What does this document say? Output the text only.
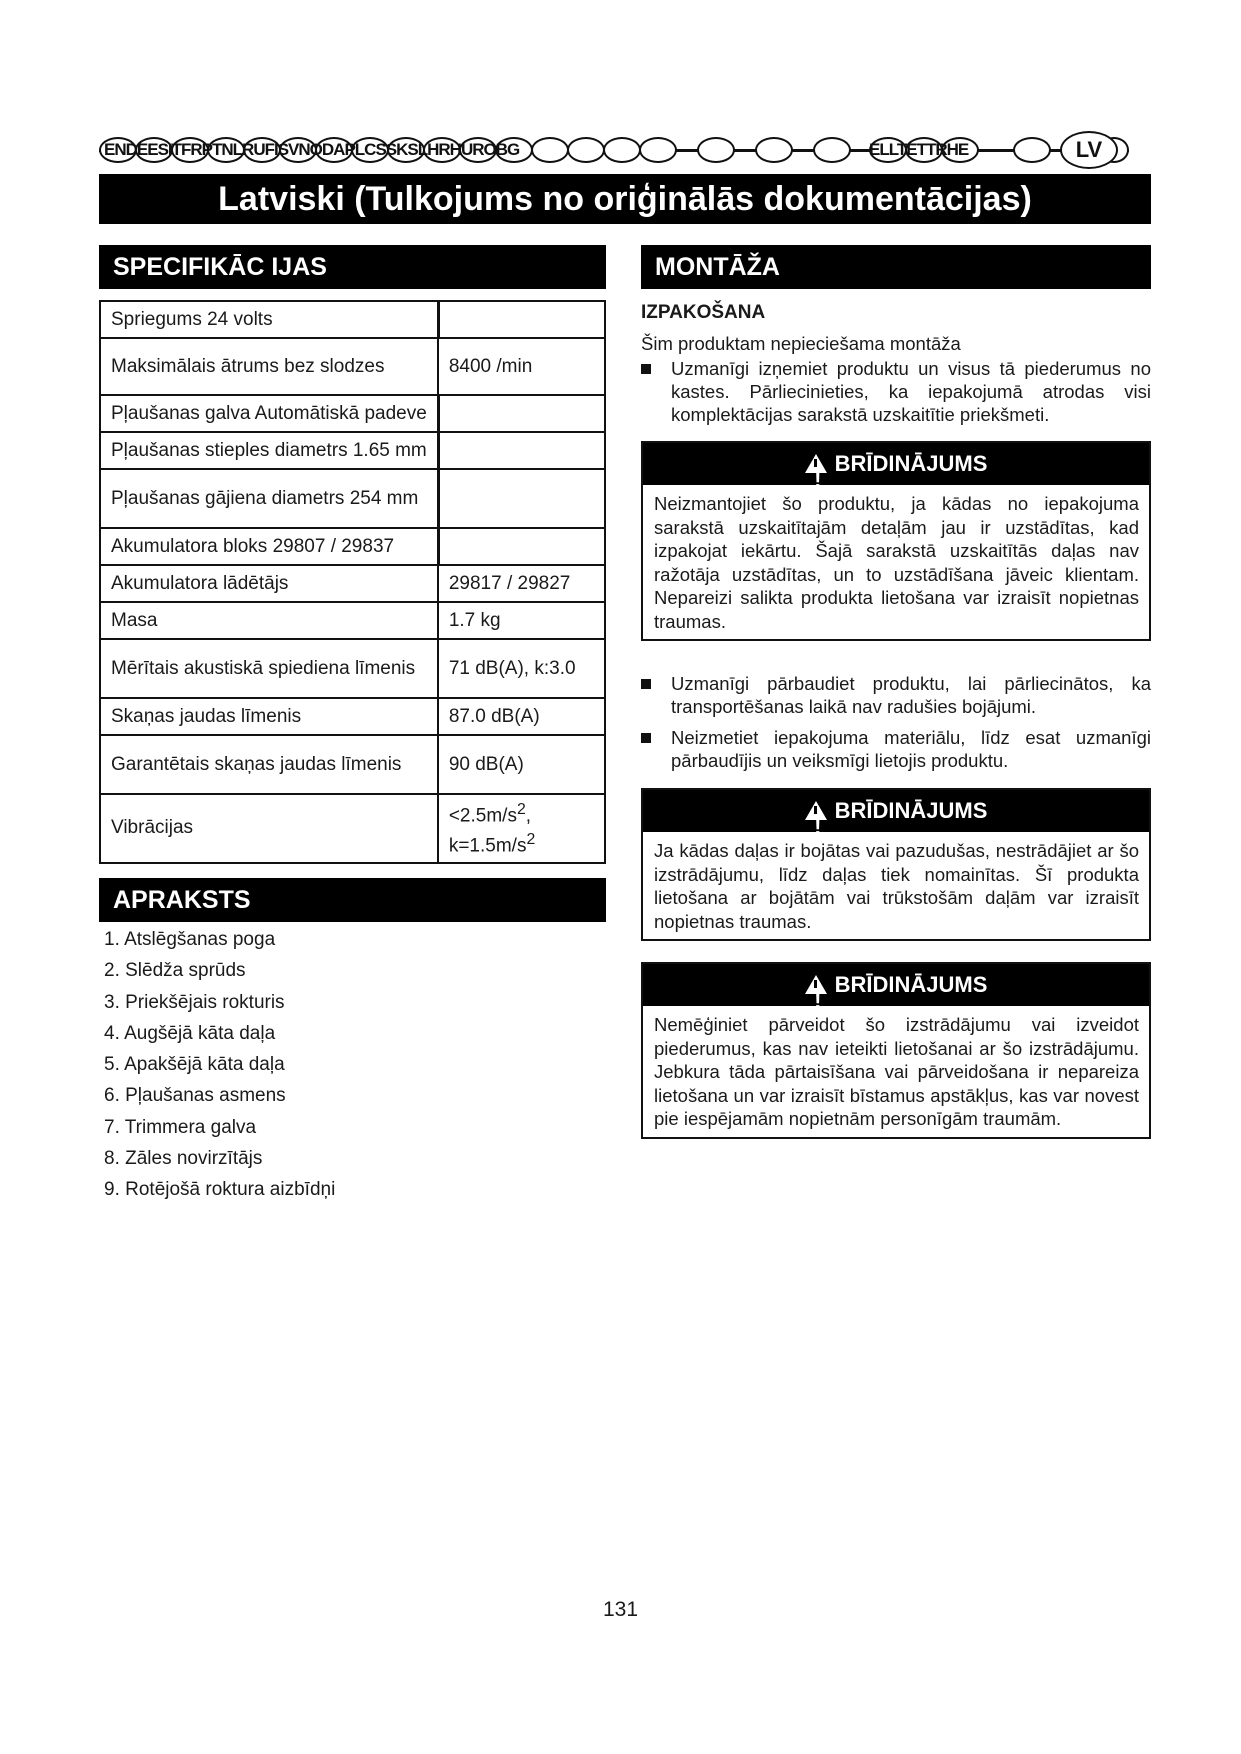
ENDEESITFRPTNLRUFISVNODAPLCSSKSLHRHUROBG	ELLTETTRHE	LV
Latviski (Tulkojums no oriģinālās dokumentācijas)
SPECIFIKĀC IJAS
Spriegums 24 volts

Maksimālais ātrums bez slodzes	8400 /min
Pļaušanas galva Automātiskā padeve

Pļaušanas stieples diametrs 1.65 mm

Pļaušanas gājiena diametrs 254 mm

Akumulatora bloks 29807 / 29837

Akumulatora lādētājs	29817 / 29827
Masa	1.7 kg
Mērītais akustiskā spiediena līmenis	71 dB(A), k:3.0
Skaņas jaudas līmenis	87.0 dB(A)
Garantētais skaņas jaudas līmenis	90 dB(A)
Vibrācijas	$<2.5m/s^2$, $k=1.5m/s^2$
APRAKSTS
1. Atslēgšanas poga
2. Slēdža sprūds
3. Priekšējais rokturis
4. Augšējā kāta daļa
5. Apakšējā kāta daļa
6. Pļaušanas asmens
7. Trimmera galva
8. Zāles novirzītājs
9. Rotējošā roktura aizbīdņi
MONTĀŽA
IZPAKOŠANA
Šim produktam nepieciešama montāža
Uzmanīgi izņemiet produktu un visus tā piederumus no kastes. Pārliecinieties, ka iepakojumā atrodas visi komplektācijas sarakstā uzskaitītie priekšmeti.
!
BRĪDINĀJUMS
Neizmantojiet šo produktu, ja kādas no iepakojuma sarakstā uzskaitītajām detaļām jau ir uzstādītas, kad izpakojat iekārtu. Šajā sarakstā uzskaitītās daļas nav ražotāja uzstādītas, un to uzstādīšana jāveic klientam. Nepareizi salikta produkta lietošana var izraisīt nopietnas traumas.
Uzmanīgi pārbaudiet produktu, lai pārliecinātos, ka transportēšanas laikā nav radušies bojājumi.
Neizmetiet iepakojuma materiālu, līdz esat uzmanīgi pārbaudījis un veiksmīgi lietojis produktu.
!
BRĪDINĀJUMS
Ja kādas daļas ir bojātas vai pazudušas, nestrādājiet ar šo izstrādājumu, līdz daļas tiek nomainītas. Šī produkta lietošana ar bojātām vai trūkstošām daļām var izraisīt nopietnas traumas.
!
BRĪDINĀJUMS
Nemēģiniet pārveidot šo izstrādājumu vai izveidot piederumus, kas nav ieteikti lietošanai ar šo izstrādājumu. Jebkura tāda pārtaisīšana vai pārveidošana ir nepareiza lietošana un var izraisīt bīstamus apstākļus, kas var novest pie iespējamām nopietnām personīgām traumām.
131
